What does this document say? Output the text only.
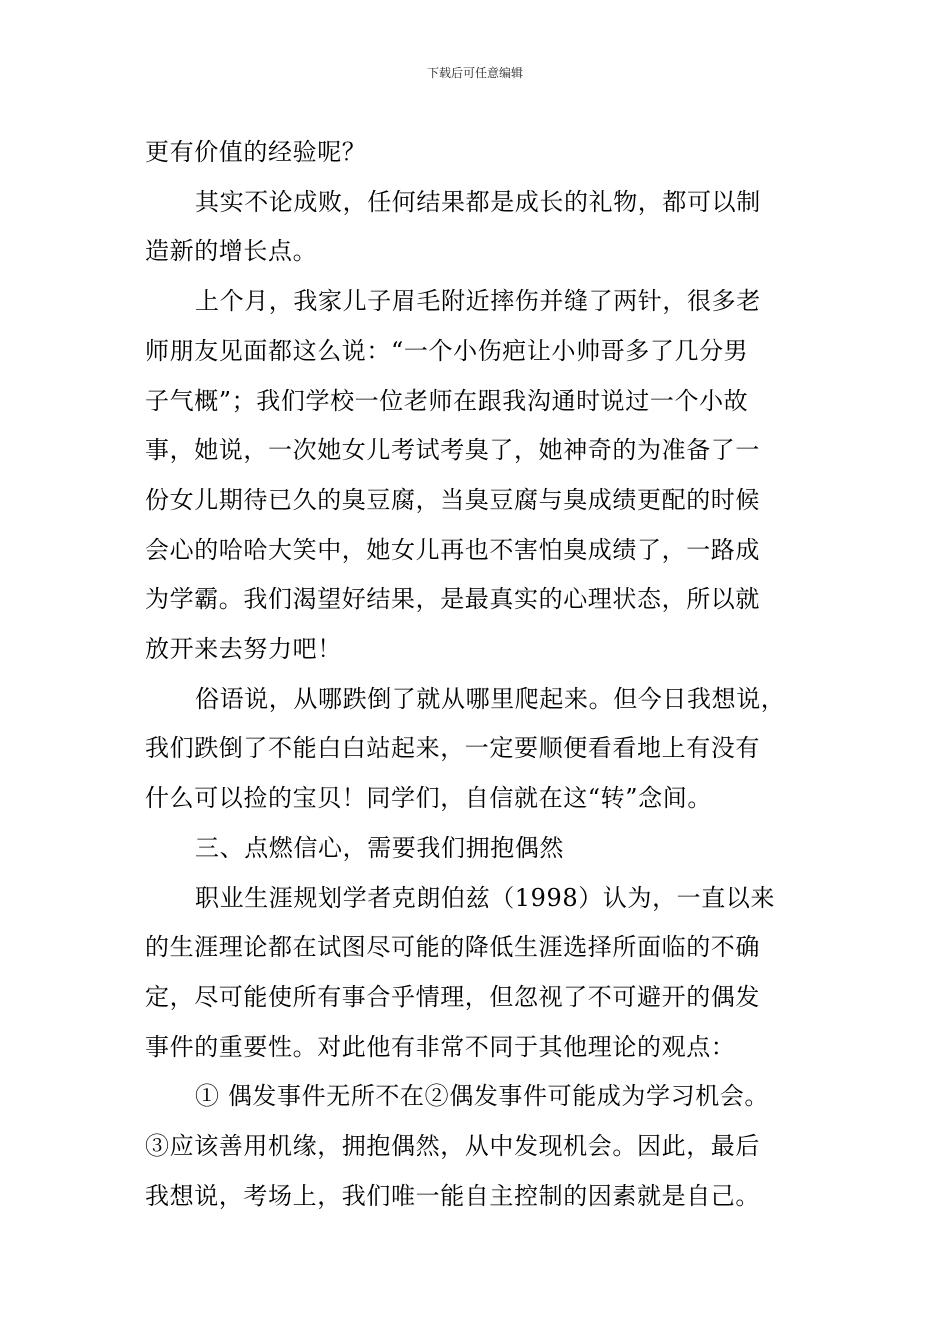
下载后可任意编辑

更有价值的经验呢？

其实不论成败，任何结果都是成长的礼物，都可以制

造新的增长点。

上个月，我家儿子眉毛附近摔伤并缝了两针，很多老

师朋友见面都这么说：“一个小伤疤让小帅哥多了几分男

子气概”；我们学校一位老师在跟我沟通时说过一个小故

事，她说，一次她女儿考试考臭了，她神奇的为准备了一

份女儿期待已久的臭豆腐，当臭豆腐与臭成绩更配的时候

会心的哈哈大笑中，她女儿再也不害怕臭成绩了，一路成

为学霸。我们渴望好结果，是最真实的心理状态，所以就

放开来去努力吧！

俗语说，从哪跌倒了就从哪里爬起来。但今日我想说，

我们跌倒了不能白白站起来，一定要顺便看看地上有没有

什么可以捡的宝贝！同学们，自信就在这“转”念间。

三、点燃信心，需要我们拥抱偶然

职业生涯规划学者克朗伯兹（1998）认为，一直以来

的生涯理论都在试图尽可能的降低生涯选择所面临的不确

定，尽可能使所有事合乎情理，但忽视了不可避开的偶发

事件的重要性。对此他有非常不同于其他理论的观点：

① 偶发事件无所不在②偶发事件可能成为学习机会。

③应该善用机缘，拥抱偶然，从中发现机会。因此，最后

我想说，考场上，我们唯一能自主控制的因素就是自己。
